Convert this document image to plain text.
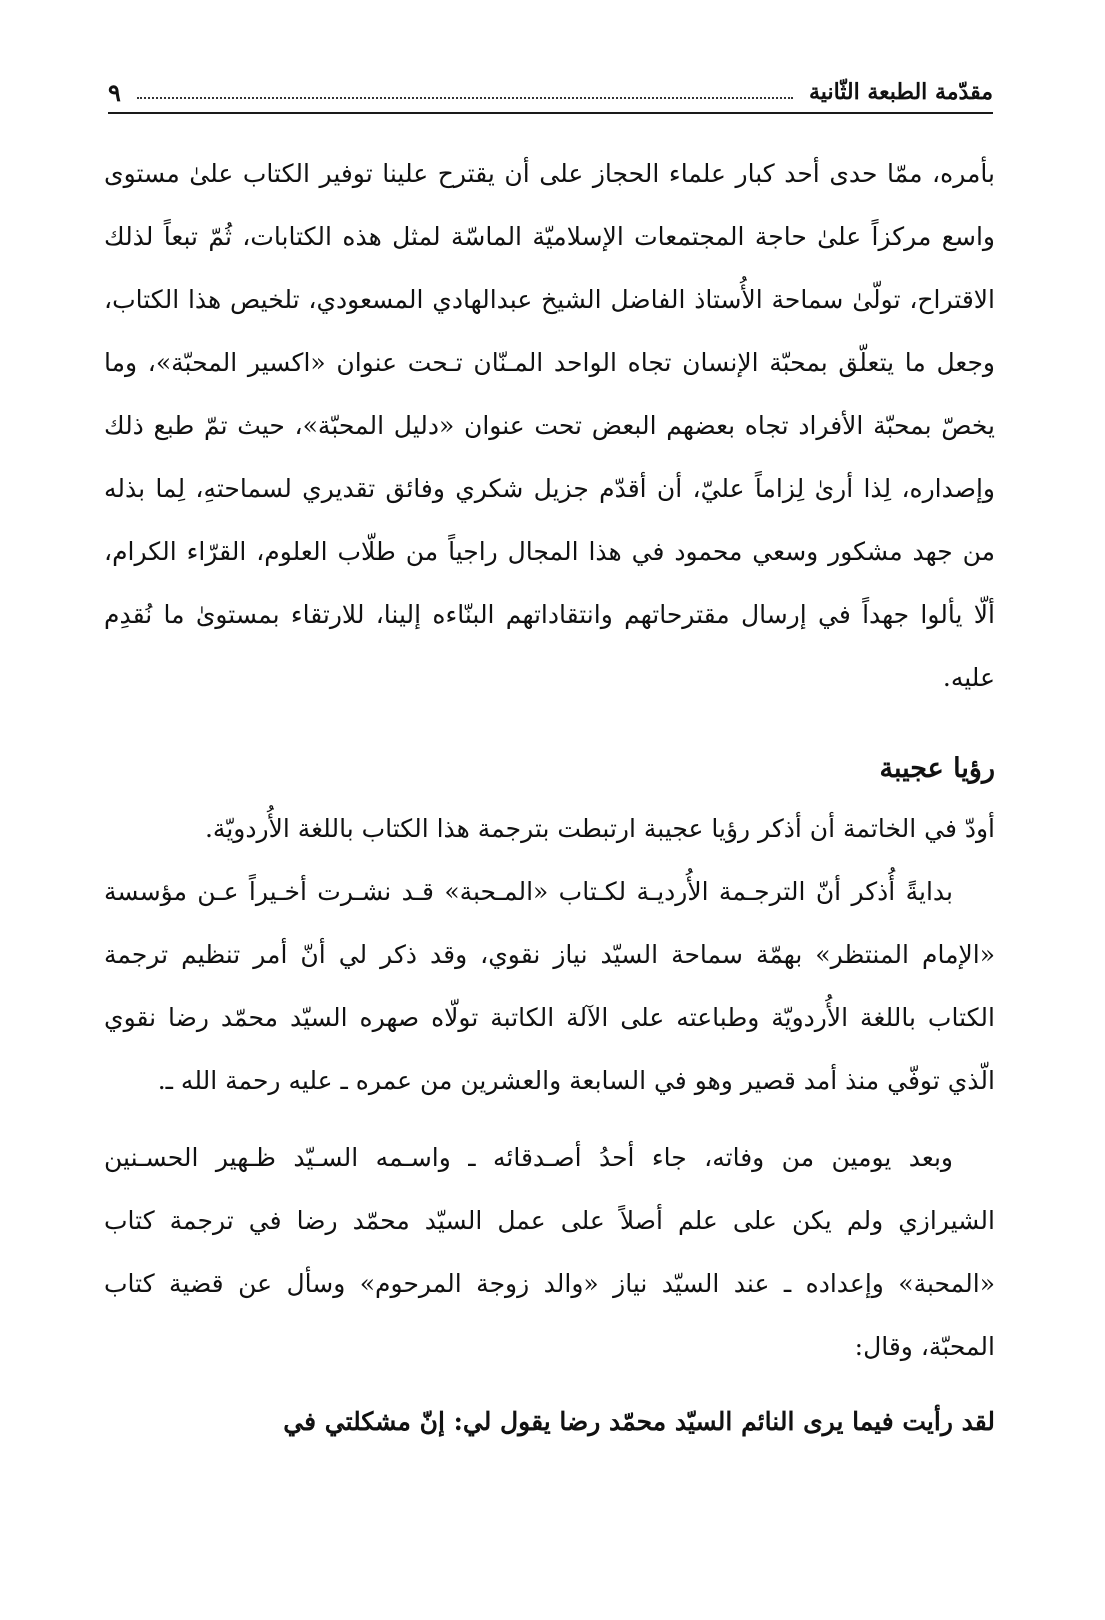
مقدّمة الطبعة الثّانية
٩

بأمره، ممّا حدى أحد كبار علماء الحجاز على أن يقترح علينا توفير الكتاب علىٰ مستوى واسع مركزاً علىٰ حاجة المجتمعات الإسلاميّة الماسّة لمثل هذه الكتابات، ثُمّ تبعاً لذلك الاقتراح، تولّىٰ سماحة الأُستاذ الفاضل الشيخ عبدالهادي المسعودي، تلخيص هذا الكتاب، وجعل ما يتعلّق بمحبّة الإنسان تجاه الواحد المـنّان تـحت عنوان «اكسير المحبّة»، وما يخصّ بمحبّة الأفراد تجاه بعضهم البعض تحت عنوان «دليل المحبّة»، حيث تمّ طبع ذلك وإصداره، لِذا أرىٰ لِزاماً عليّ، أن أقدّم جزيل شكري وفائق تقديري لسماحتهِ، لِما بذله من جهد مشكور وسعي محمود في هذا المجال راجياً من طلّاب العلوم، القرّاء الكرام، ألّا يألوا جهداً في إرسال مقترحاتهم وانتقاداتهم البنّاءه إلينا، للارتقاء بمستوىٰ ما نُقدِم عليه.

رؤيا عجيبة

أودّ في الخاتمة أن أذكر رؤيا عجيبة ارتبطت بترجمة هذا الكتاب باللغة الأُردويّة.

بدايةً أُذكر أنّ الترجـمة الأُرديـة لكـتاب «المـحبة» قـد نشـرت أخـيراً عـن مؤسسة «الإمام المنتظر» بهمّة سماحة السيّد نياز نقوي، وقد ذكر لي أنّ أمر تنظيم ترجمة الكتاب باللغة الأُردويّة وطباعته على الآلة الكاتبة تولّاه صهره السيّد محمّد رضا نقوي الّذي توفّي منذ أمد قصير وهو في السابعة والعشرين من عمره ـ عليه رحمة الله ـ.

وبعد يومين من وفاته، جاء أحدُ أصـدقائه ـ واسـمه السـيّد ظـهير الحسـنين الشيرازي ولم يكن على علم أصلاً على عمل السيّد محمّد رضا في ترجمة كتاب «المحبة» وإعداده ـ عند السيّد نياز «والد زوجة المرحوم» وسأل عن قضية كتاب المحبّة، وقال:

لقد رأيت فيما يرى النائم السيّد محمّد رضا يقول لي: إنّ مشكلتي في
